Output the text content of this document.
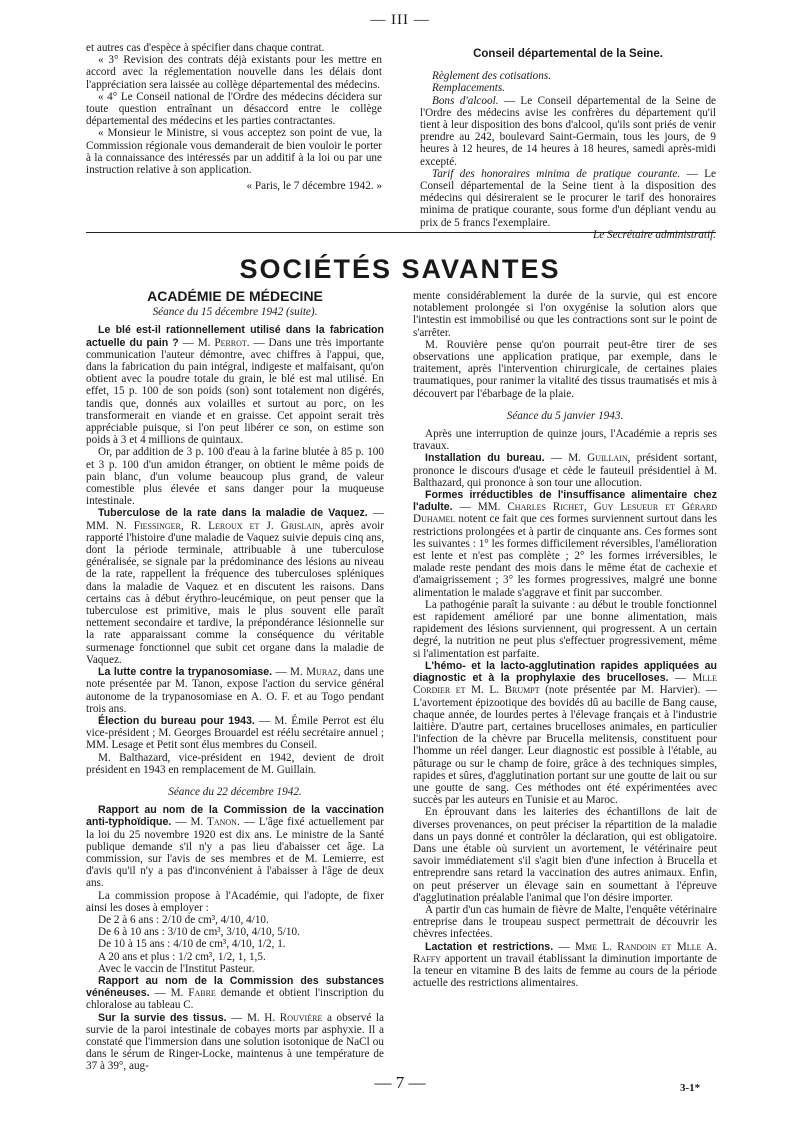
— III —

et autres cas d'espèce à spécifier dans chaque contrat.

« 3° Revision des contrats déjà existants pour les mettre en accord avec la réglementation nouvelle dans les délais dont l'appréciation sera laissée au collège départemental des médecins.

« 4° Le Conseil national de l'Ordre des médecins décidera sur toute question entraînant un désaccord entre le collège départemental des médecins et les parties contractantes.

« Monsieur le Ministre, si vous acceptez son point de vue, la Commission régionale vous demanderait de bien vouloir le porter à la connaissance des intéressés par un additif à la loi ou par une instruction relative à son application.

« Paris, le 7 décembre 1942. »

Conseil départemental de la Seine.

Règlement des cotisations.

Remplacements.

Bons d'alcool. — Le Conseil départemental de la Seine de l'Ordre des médecins avise les confrères du département qu'il tient à leur disposition des bons d'alcool, qu'ils sont priés de venir prendre au 242, boulevard Saint-Germain, tous les jours, de 9 heures à 12 heures, de 14 heures à 18 heures, samedi après-midi excepté.

Tarif des honoraires minima de pratique courante. — Le Conseil départemental de la Seine tient à la disposition des médecins qui désireraient se le procurer le tarif des honoraires minima de pratique courante, sous forme d'un dépliant vendu au prix de 5 francs l'exemplaire.

Le Secrétaire administratif.

SOCIÉTÉS SAVANTES
ACADÉMIE DE MÉDECINE
Séance du 15 décembre 1942 (suite).

Le blé est-il rationnellement utilisé dans la fabrication actuelle du pain ? — M. Perrot. — Dans une très importante communication l'auteur démontre, avec chiffres à l'appui, que, dans la fabrication du pain intégral, indigeste et malfaisant, qu'on obtient avec la poudre totale du grain, le blé est mal utilisé. En effet, 15 p. 100 de son poids (son) sont totalement non digérés, tandis que, donnés aux volailles et surtout au porc, on les transformerait en viande et en graisse. Cet appoint serait très appréciable puisque, si l'on peut libérer ce son, on estime son poids à 3 et 4 millions de quintaux.

Or, par addition de 3 p. 100 d'eau à la farine blutée à 85 p. 100 et 3 p. 100 d'un amidon étranger, on obtient le même poids de pain blanc, d'un volume beaucoup plus grand, de valeur comestible plus élevée et sans danger pour la muqueuse intestinale.

Tuberculose de la rate dans la maladie de Vaquez. — MM. N. Fiessinger, R. Leroux et J. Grislain, après avoir rapporté l'histoire d'une maladie de Vaquez suivie depuis cinq ans, dont la période terminale, attribuable à une tuberculose généralisée, se signale par la prédominance des lésions au niveau de la rate, rappellent la fréquence des tuberculoses spléniques dans la maladie de Vaquez et en discutent les raisons. Dans certains cas à début érythro-leucémique, on peut penser que la tuberculose est primitive, mais le plus souvent elle paraît nettement secondaire et tardive, la prépondérance lésionnelle sur la rate apparaissant comme la conséquence du véritable surmenage fonctionnel que subit cet organe dans la maladie de Vaquez.

La lutte contre la trypanosomiase. — M. Muraz, dans une note présentée par M. Tanon, expose l'action du service général autonome de la trypanosomiase en A. O. F. et au Togo pendant trois ans.

Élection du bureau pour 1943. — M. Émile Perrot est élu vice-président ; M. Georges Brouardel est réélu secrétaire annuel ; MM. Lesage et Petit sont élus membres du Conseil.

M. Balthazard, vice-président en 1942, devient de droit président en 1943 en remplacement de M. Guillain.

Séance du 22 décembre 1942.

Rapport au nom de la Commission de la vaccination anti-typhoïdique. — M. Tanon. — L'âge fixé actuellement par la loi du 25 novembre 1920 est dix ans. Le ministre de la Santé publique demande s'il n'y a pas lieu d'abaisser cet âge. La commission, sur l'avis de ses membres et de M. Lemierre, est d'avis qu'il n'y a pas d'inconvénient à l'abaisser à l'âge de deux ans.

La commission propose à l'Académie, qui l'adopte, de fixer ainsi les doses à employer :

De 2 à 6 ans : 2/10 de cm³, 4/10, 4/10.

De 6 à 10 ans : 3/10 de cm³, 3/10, 4/10, 5/10.

De 10 à 15 ans : 4/10 de cm³, 4/10, 1/2, 1.

A 20 ans et plus : 1/2 cm³, 1/2, 1, 1,5.

Avec le vaccin de l'Institut Pasteur.

Rapport au nom de la Commission des substances vénéneuses. — M. Fabre demande et obtient l'inscription du chloralose au tableau C.

Sur la survie des tissus. — M. H. Rouvière a observé la survie de la paroi intestinale de cobayes morts par asphyxie. Il a constaté que l'immersion dans une solution isotonique de NaCl ou dans le sérum de Ringer-Locke, maintenus à une température de 37 à 39°, aug-

mente considérablement la durée de la survie, qui est encore notablement prolongée si l'on oxygénise la solution alors que l'intestin est immobilisé ou que les contractions sont sur le point de s'arrêter.

M. Rouvière pense qu'on pourrait peut-être tirer de ses observations une application pratique, par exemple, dans le traitement, après l'intervention chirurgicale, de certaines plaies traumatiques, pour ranimer la vitalité des tissus traumatisés et mis à découvert par l'ébarbage de la plaie.

Séance du 5 janvier 1943.

Après une interruption de quinze jours, l'Académie a repris ses travaux.

Installation du bureau. — M. Guillain, président sortant, prononce le discours d'usage et cède le fauteuil présidentiel à M. Balthazard, qui prononce à son tour une allocution.

Formes irréductibles de l'insuffisance alimentaire chez l'adulte. — MM. Charles Richet, Guy Lesueur et Gérard Duhamel notent ce fait que ces formes surviennent surtout dans les restrictions prolongées et à partir de cinquante ans. Ces formes sont les suivantes : 1° les formes difficilement réversibles, l'amélioration est lente et n'est pas complète ; 2° les formes irréversibles, le malade reste pendant des mois dans le même état de cachexie et d'amaigrissement ; 3° les formes progressives, malgré une bonne alimentation le malade s'aggrave et finit par succomber.

La pathogénie paraît la suivante : au début le trouble fonctionnel est rapidement amélioré par une bonne alimentation, mais rapidement des lésions surviennent, qui progressent. A un certain degré, la nutrition ne peut plus s'effectuer progressivement, même si l'alimentation est parfaite.

L'hémo- et la lacto-agglutination rapides appliquées au diagnostic et à la prophylaxie des brucelloses. — Mlle Cordier et M. L. Brumpt (note présentée par M. Harvier). — L'avortement épizootique des bovidés dû au bacille de Bang cause, chaque année, de lourdes pertes à l'élevage français et à l'industrie laitière. D'autre part, certaines brucelloses animales, en particulier l'infection de la chèvre par Brucella melitensis, constituent pour l'homme un réel danger. Leur diagnostic est possible à l'étable, au pâturage ou sur le champ de foire, grâce à des techniques simples, rapides et sûres, d'agglutination portant sur une goutte de lait ou sur une goutte de sang. Ces méthodes ont été expérimentées avec succès par les auteurs en Tunisie et au Maroc.

En éprouvant dans les laiteries des échantillons de lait de diverses provenances, on peut préciser la répartition de la maladie dans un pays donné et contrôler la déclaration, qui est obligatoire. Dans une étable où survient un avortement, le vétérinaire peut savoir immédiatement s'il s'agit bien d'une infection à Brucella et entreprendre sans retard la vaccination des autres animaux. Enfin, on peut préserver un élevage sain en soumettant à l'épreuve d'agglutination préalable l'animal que l'on désire importer.

A partir d'un cas humain de fièvre de Malte, l'enquête vétérinaire entreprise dans le troupeau suspect permettrait de découvrir les chèvres infectées.

Lactation et restrictions. — Mme L. Randoin et Mlle A. Raffy apportent un travail établissant la diminution importante de la teneur en vitamine B des laits de femme au cours de la période actuelle des restrictions alimentaires.

— 7 —	3-1*
